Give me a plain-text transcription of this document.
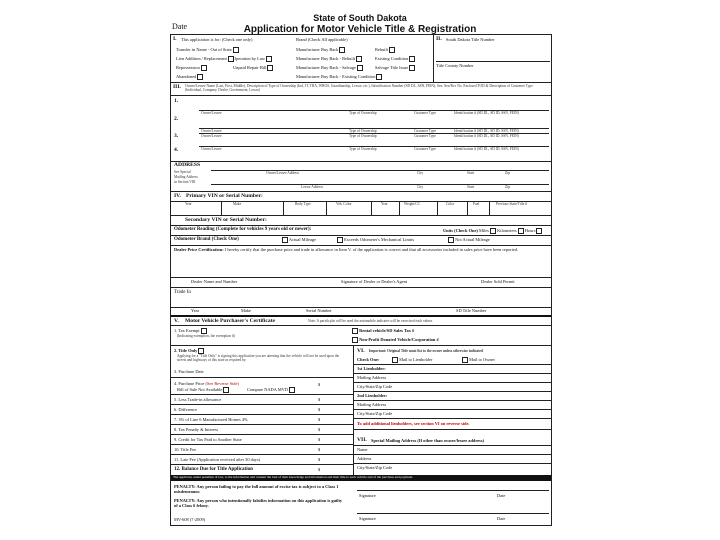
State of South Dakota
Application for Motor Vehicle Title & Registration
Date
I. This application is for: (Check one only)	Brand (Check All applicable)
Transfer in Name - Out of State
Lien Addition / Replacement
Repossession
Abandoned
Operation by Law
Unpaid Repair Bill
Manufacturer Buy Back
Manufacturer Buy Back - Rebuilt
Manufacturer Buy Back - Salvage
Manufacturer Buy Back - Existing Condition
Rebuilt
Existing Condition
Salvage Title Issue
II. South Dakota Title Number
Title County Number
III. Owner/Lessee Name (Last, First, Middle), Description of Type of Ownership (Ind, JT, TRA, WROS, Guardianship, Lessor, etc.), Identification Number (SD DL, SSN, FEIN), Sex, Sex/Rcv No. Enclosed TOD & Description of Customer Type (Individual, Company, Dealer, Government, Lessor)
1.
Owner/Lessee	Type of Ownership	Customer Type	Identification # (SD DL, SD ID, SSN, FEIN)
2.
Owner/Lessee	Type of Ownership	Customer Type	Identification # (SD DL, SD ID, SSN, FEIN)
3.	Owner/Lessee	Type of Ownership	Customer Type	Identification # (SD DL, SD ID, SSN, FEIN)
4.	Owner/Lessee	Type of Ownership	Customer Type	Identification # (SD DL, SD ID, SSN, FEIN)
ADDRESS
See Special
Mailing Address
in Section VIII
Owner/Lessee Address	City	State	Zip
Lessor Address	City	State	Zip
IV. Primary VIN or Serial Number:
Year	Make	Body Type	Veh. Color	Year	Weight/CC	Color	Fuel	Previous State/Title #
Secondary VIN or Serial Number:
Odometer Reading (Complete for vehicles 9 years old or newer):	Units (Check One) Miles Kilometers Hours
Odometer Brand (Check One)	Actual Mileage	Exceeds Odometer's Mechanical Limits	Not Actual Mileage
Dealer Price Certification: I hereby certify that the purchase price and trade in allowance in Item V. of the application is correct and that all accessories included in sales price have been reported.
Dealer Name and Number	Signature of Dealer or Dealer's Agent	Dealer Sold Permit
Trade In
Year	Make	Serial Number	SD Title Number
V. Motor Vehicle Purchaser's Certificate	Note: A parish plat will be used the automobile indicates will be exercised each values.
1. Tax Exempt
(Indicating exemption, the exemption #)
Rental vehicle/SD Sales Tax #
Non-Profit Donated Vehicle/Corporation #
2. Title Only
Applying for a "Title Only" is signing this application you are attesting that the vehicle will not be used upon the streets and highways of this state as required by.
3. Purchase Date
4. Purchase Price (See Reverse Side)
Bill of Sale Not Available	Compare NADA MVD
$
5. Less Trade-in allowance	$
6. Difference	$
7. 3% of Line 6 Manufactured Homes 4%	$
8. Tax Penalty & Interest	$
9. Credit for Tax Paid to Another State	$
10. Title Fee	$
11. Late Fee (Application received after 30 days)	$
12. Balance Due for Title Application	$
VI. Important: Original Title must list to the owner unless otherwise indicated
Check One:	Mail to Lienholder	Mail to Owner
1st Lienholder:
Mailing Address
City/State/Zip Code
2nd Lienholder:
Mailing Address
City/State/Zip Code
To add additional lienholders, see section VI on reverse side.
VII. Special Mailing Address (If other than owner/lessee address)
Name
Address
City/State/Zip Code
The applicant, under penalties of law, to the information and consent the best of their knowledge and information and their title to such vehicle and of the purchase and payment.
PENALTY: Any person failing to pay the full amount of excise tax is subject to a Class 1 misdemeanor.
PENALTY: Any person who intentionally falsifies information on this application is guilty of a Class 6 felony.
MV-608 (7-2009)
Signature	Date
Signature	Date
